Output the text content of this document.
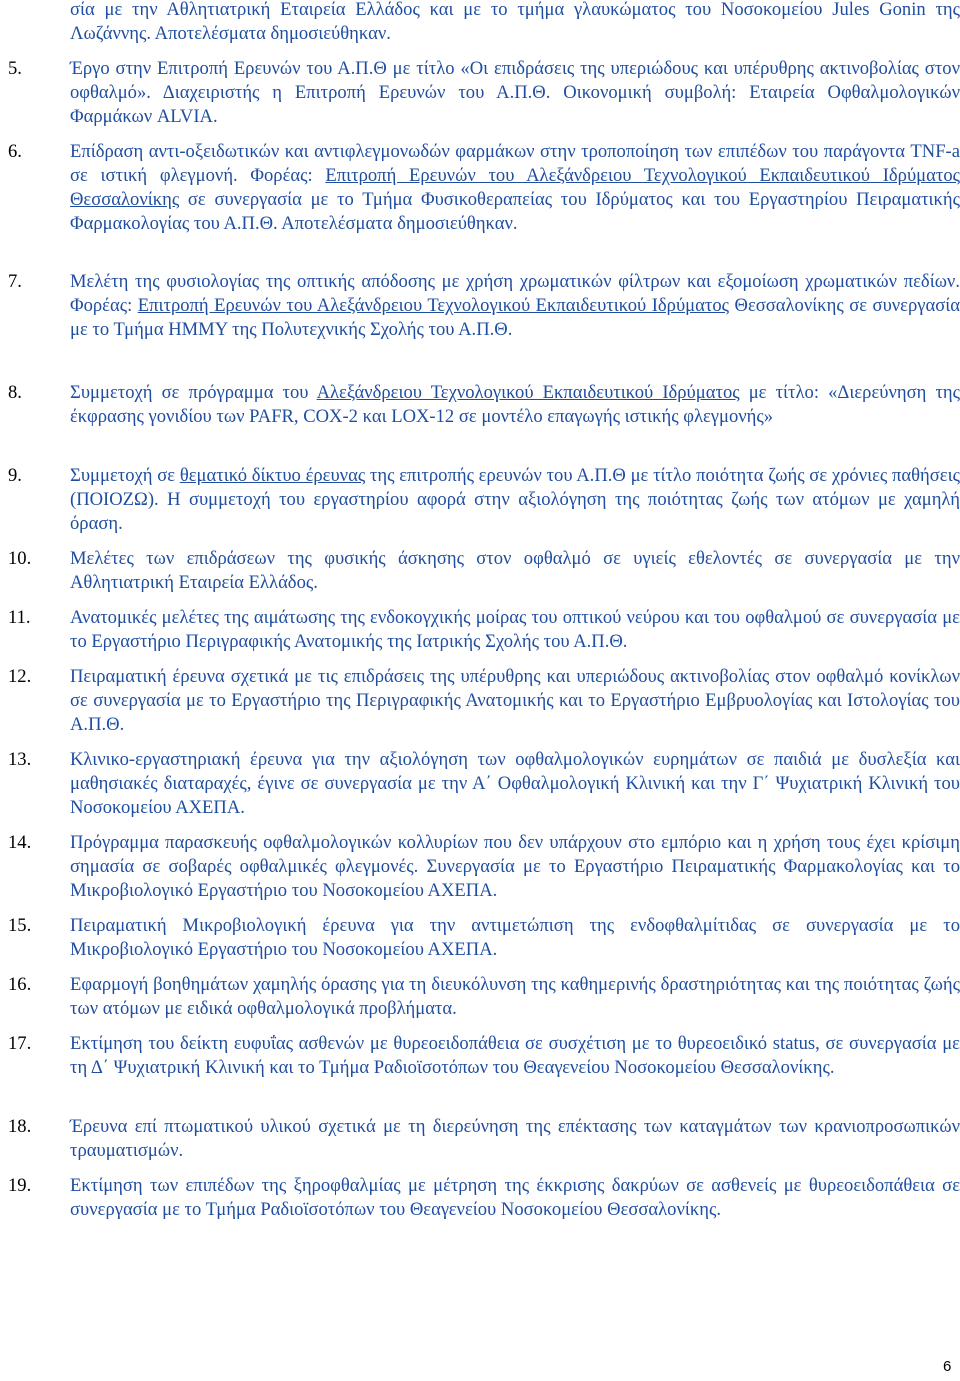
σία με την Αθλητιατρική Εταιρεία Ελλάδος και με το τμήμα γλαυκώματος του Νοσοκομείου Jules Gonin της Λωζάννης. Αποτελέσματα δημοσιεύθηκαν.
5.	Έργο στην Επιτροπή Ερευνών του Α.Π.Θ με τίτλο «Οι επιδράσεις της υπεριώδους και υπέρυθρης ακτινοβολίας στον οφθαλμό». Διαχειριστής η Επιτροπή Ερευνών του Α.Π.Θ. Οικονομική συμβολή: Εταιρεία Οφθαλμολογικών Φαρμάκων ALVIA.
6.	Επίδραση αντι-οξειδωτικών και αντιφλεγμονωδών φαρμάκων στην τροποποίηση των επιπέδων του παράγοντα TNF-a σε ιστική φλεγμονή. Φορέας: Επιτροπή Ερευνών του Αλεξάνδρειου Τεχνολογικού Εκπαιδευτικού Ιδρύματος Θεσσαλονίκης σε συνεργασία με το Τμήμα Φυσικοθεραπείας του Ιδρύματος και του Εργαστηρίου Πειραματικής Φαρμακολογίας του Α.Π.Θ. Αποτελέσματα δημοσιεύθηκαν.
7.	Μελέτη της φυσιολογίας της οπτικής απόδοσης με χρήση χρωματικών φίλτρων και εξομοίωση χρωματικών πεδίων. Φορέας: Επιτροπή Ερευνών του Αλεξάνδρειου Τεχνολογικού Εκπαιδευτικού Ιδρύματος Θεσσαλονίκης σε συνεργασία με το Τμήμα ΗΜΜΥ της Πολυτεχνικής Σχολής του Α.Π.Θ.
8.	Συμμετοχή σε πρόγραμμα του Αλεξάνδρειου Τεχνολογικού Εκπαιδευτικού Ιδρύματος με τίτλο: «Διερεύνηση της έκφρασης γονιδίου των PAFR, COX-2 και LOX-12 σε μοντέλο επαγωγής ιστικής φλεγμονής»
9.	Συμμετοχή σε θεματικό δίκτυο έρευνας της επιτροπής ερευνών του Α.Π.Θ με τίτλο ποιότητα ζωής σε χρόνιες παθήσεις (ΠΟΙΟΖΩ). Η συμμετοχή του εργαστηρίου αφορά στην αξιολόγηση της ποιότητας ζωής των ατόμων με χαμηλή όραση.
10. Μελέτες των επιδράσεων της φυσικής άσκησης στον οφθαλμό σε υγιείς εθελοντές σε συνεργασία με την Αθλητιατρική Εταιρεία Ελλάδος.
11. Ανατομικές μελέτες της αιμάτωσης της ενδοκογχικής μοίρας του οπτικού νεύρου και του οφθαλμού σε συνεργασία με το Εργαστήριο Περιγραφικής Ανατομικής της Ιατρικής Σχολής του Α.Π.Θ.
12. Πειραματική έρευνα σχετικά με τις επιδράσεις της υπέρυθρης και υπεριώδους ακτινοβολίας στον οφθαλμό κονίκλων σε συνεργασία με το Εργαστήριο της Περιγραφικής Ανατομικής και το Εργαστήριο Εμβρυολογίας και Ιστολογίας του Α.Π.Θ.
13. Κλινικο-εργαστηριακή έρευνα για την αξιολόγηση των οφθαλμολογικών ευρημάτων σε παιδιά με δυσλεξία και μαθησιακές διαταραχές, έγινε σε συνεργασία με την Α΄ Οφθαλμολογική Κλινική και την Γ΄ Ψυχιατρική Κλινική του Νοσοκομείου ΑΧΕΠΑ.
14. Πρόγραμμα παρασκευής οφθαλμολογικών κολλυρίων που δεν υπάρχουν στο εμπόριο και η χρήση τους έχει κρίσιμη σημασία σε σοβαρές οφθαλμικές φλεγμονές. Συνεργασία με το Εργαστήριο Πειραματικής Φαρμακολογίας και το Μικροβιολογικό Εργαστήριο του Νοσοκομείου ΑΧΕΠΑ.
15. Πειραματική Μικροβιολογική έρευνα για την αντιμετώπιση της ενδοφθαλμίτιδας σε συνεργασία με το Μικροβιολογικό Εργαστήριο του Νοσοκομείου ΑΧΕΠΑ.
16. Εφαρμογή βοηθημάτων χαμηλής όρασης για τη διευκόλυνση της καθημερινής δραστηριότητας και της ποιότητας ζωής των ατόμων με ειδικά οφθαλμολογικά προβλήματα.
17. Εκτίμηση του δείκτη ευφυΐας ασθενών με θυρεοειδοπάθεια σε συσχέτιση με το θυρεοειδικό status, σε συνεργασία με τη Δ΄ Ψυχιατρική Κλινική και το Τμήμα Ραδιοϊσοτόπων του Θεαγενείου Νοσοκομείου Θεσσαλονίκης.
18. Έρευνα επί πτωματικού υλικού σχετικά με τη διερεύνηση της επέκτασης των καταγμάτων των κρανιοπροσωπικών τραυματισμών.
19. Εκτίμηση των επιπέδων της ξηροφθαλμίας με μέτρηση της έκκρισης δακρύων σε ασθενείς με θυρεοειδοπάθεια σε συνεργασία με το Τμήμα Ραδιοϊσοτόπων του Θεαγενείου Νοσοκομείου Θεσσαλονίκης.
6
